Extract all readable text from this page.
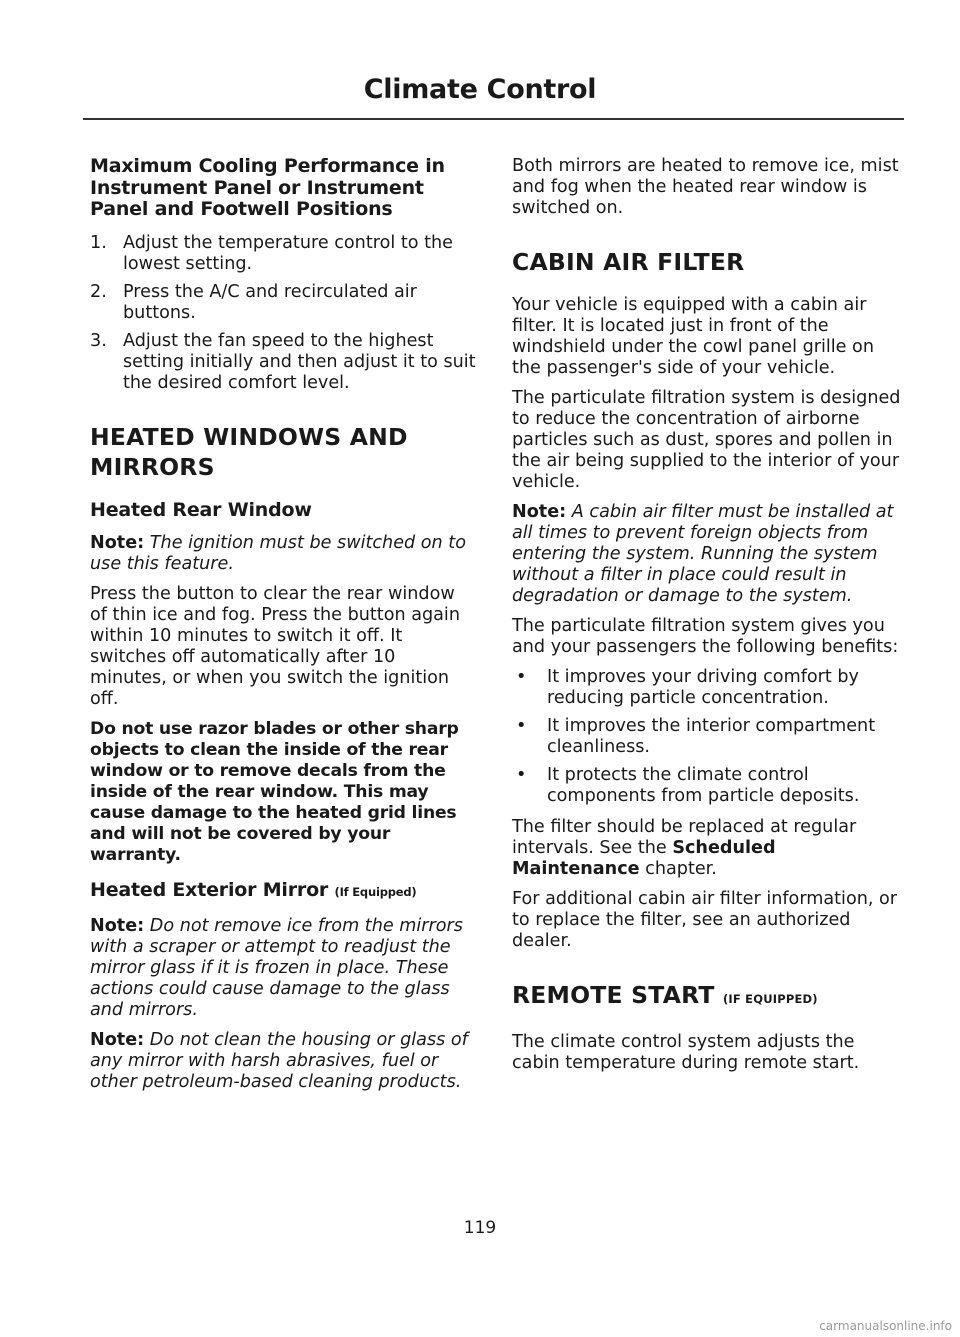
Climate Control
Maximum Cooling Performance in Instrument Panel or Instrument Panel and Footwell Positions
1. Adjust the temperature control to the lowest setting.
2. Press the A/C and recirculated air buttons.
3. Adjust the fan speed to the highest setting initially and then adjust it to suit the desired comfort level.
HEATED WINDOWS AND MIRRORS
Heated Rear Window

Note: The ignition must be switched on to use this feature.

Press the button to clear the rear window of thin ice and fog. Press the button again within 10 minutes to switch it off. It switches off automatically after 10 minutes, or when you switch the ignition off.

Do not use razor blades or other sharp objects to clean the inside of the rear window or to remove decals from the inside of the rear window. This may cause damage to the heated grid lines and will not be covered by your warranty.

Heated Exterior Mirror (If Equipped)

Note: Do not remove ice from the mirrors with a scraper or attempt to readjust the mirror glass if it is frozen in place. These actions could cause damage to the glass and mirrors.

Note: Do not clean the housing or glass of any mirror with harsh abrasives, fuel or other petroleum-based cleaning products.

Both mirrors are heated to remove ice, mist and fog when the heated rear window is switched on.

CABIN AIR FILTER

Your vehicle is equipped with a cabin air filter. It is located just in front of the windshield under the cowl panel grille on the passenger's side of your vehicle.

The particulate filtration system is designed to reduce the concentration of airborne particles such as dust, spores and pollen in the air being supplied to the interior of your vehicle.

Note: A cabin air filter must be installed at all times to prevent foreign objects from entering the system. Running the system without a filter in place could result in degradation or damage to the system.

The particulate filtration system gives you and your passengers the following benefits:

• It improves your driving comfort by reducing particle concentration.
• It improves the interior compartment cleanliness.
• It protects the climate control components from particle deposits.

The filter should be replaced at regular intervals. See the Scheduled Maintenance chapter.

For additional cabin air filter information, or to replace the filter, see an authorized dealer.

REMOTE START (IF EQUIPPED)

The climate control system adjusts the cabin temperature during remote start.

119
carmanualsonline.info
